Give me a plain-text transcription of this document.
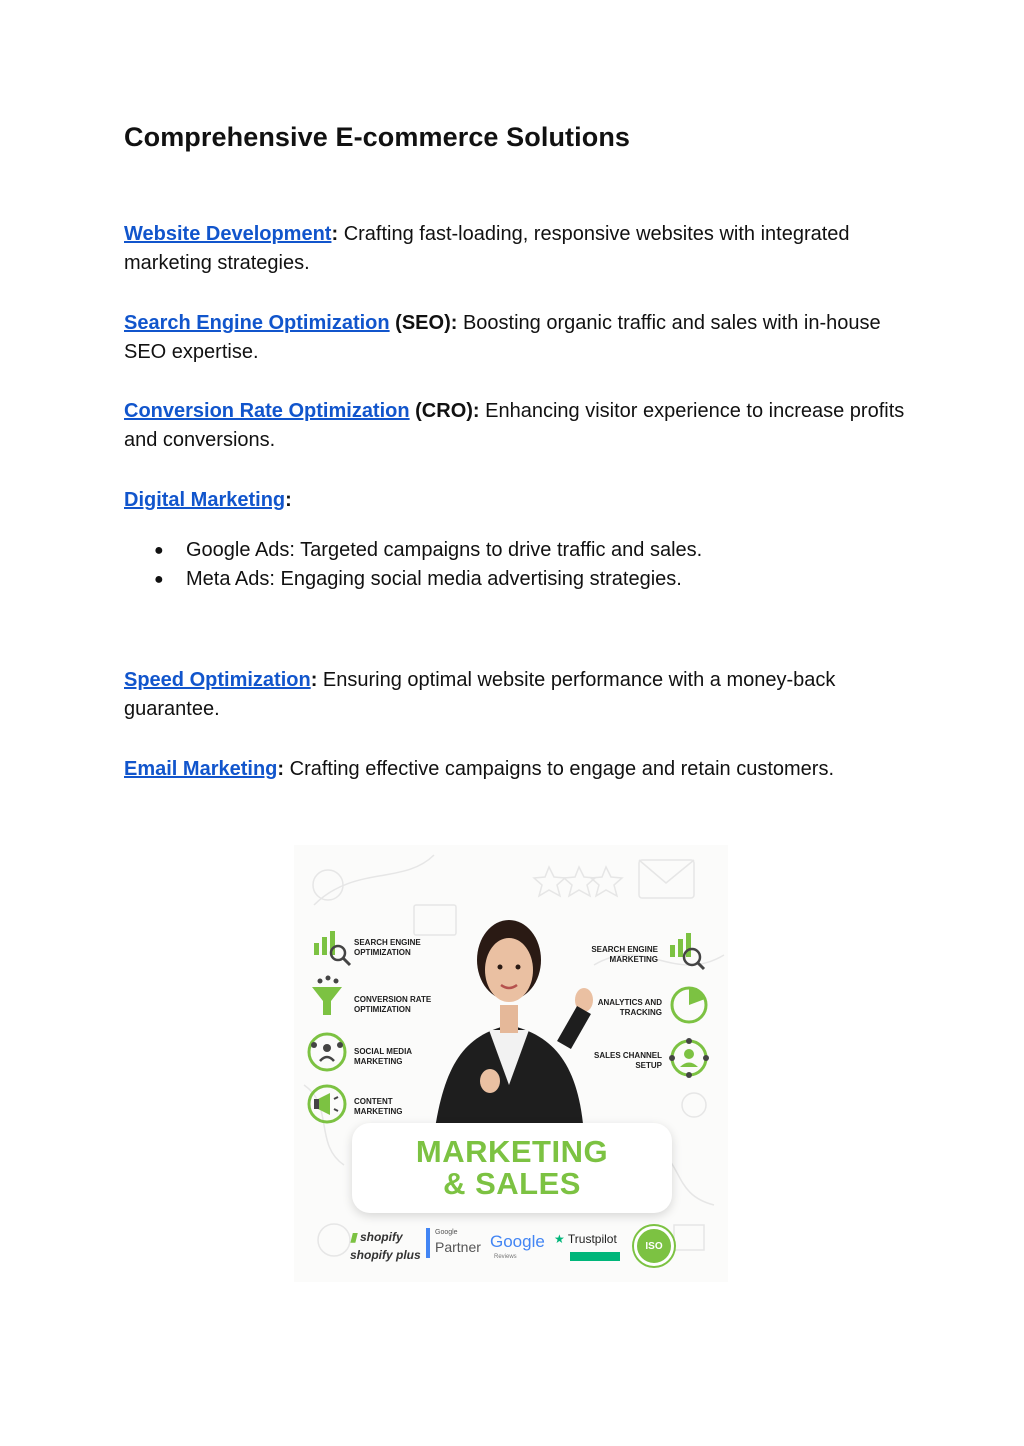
Comprehensive E-commerce Solutions

Website Development: Crafting fast-loading, responsive websites with integrated marketing strategies.

Search Engine Optimization (SEO): Boosting organic traffic and sales with in-house SEO expertise.

Conversion Rate Optimization (CRO): Enhancing visitor experience to increase profits and conversions.

Digital Marketing:

● Google Ads: Targeted campaigns to drive traffic and sales.
● Meta Ads: Engaging social media advertising strategies.

Speed Optimization: Ensuring optimal website performance with a money-back guarantee.

Email Marketing: Crafting effective campaigns to engage and retain customers.

SEARCH ENGINE OPTIMIZATION
CONVERSION RATE OPTIMIZATION
SOCIAL MEDIA MARKETING
CONTENT MARKETING
SEARCH ENGINE MARKETING
ANALYTICS AND TRACKING
SALES CHANNEL SETUP
MARKETING
& SALES
▮ shopify
shopify plus
Google
Partner Google
Reviews
★ Trustpilot	ISO
